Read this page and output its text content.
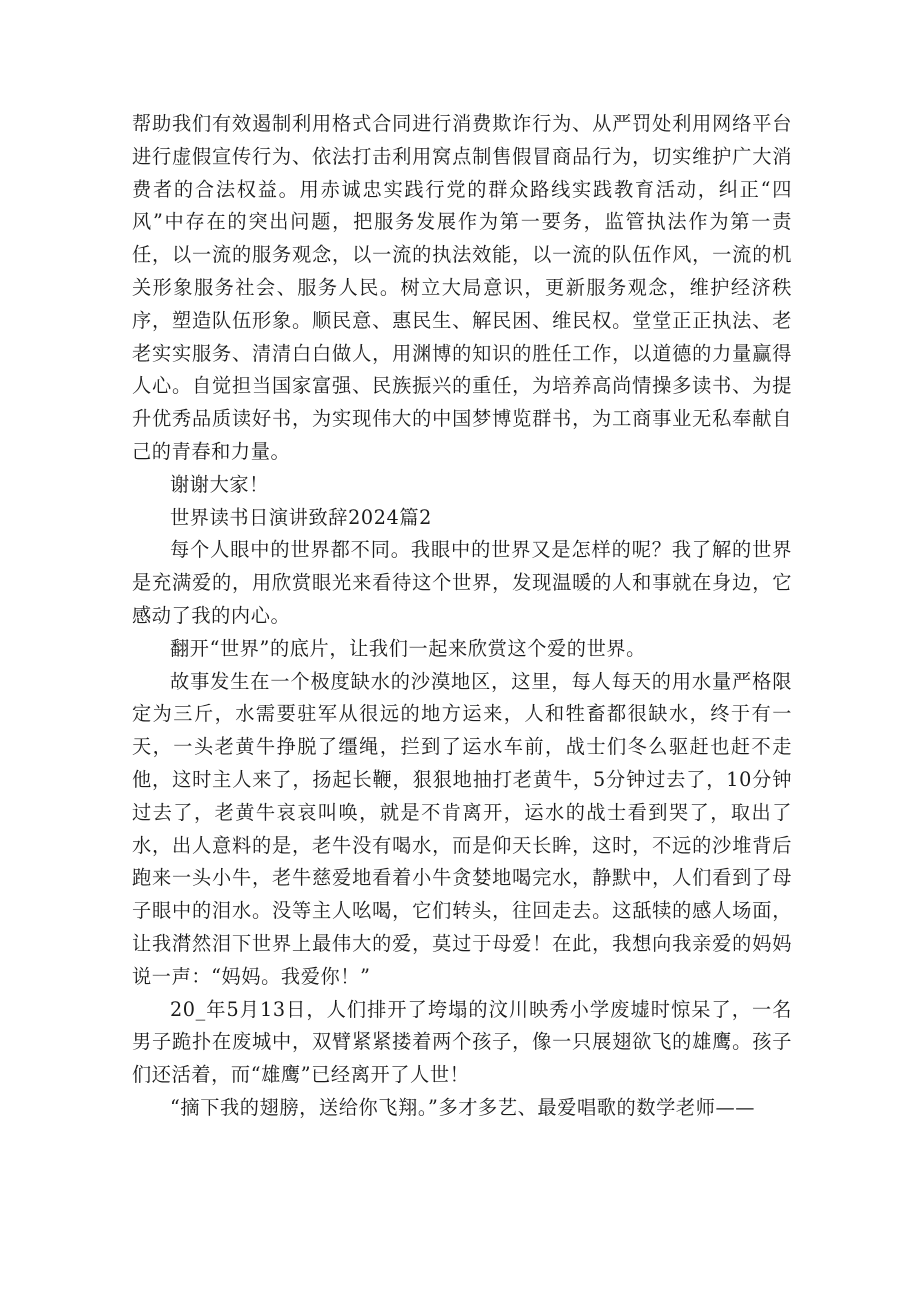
帮助我们有效遏制利用格式合同进行消费欺诈行为、从严罚处利用网络平台进行虚假宣传行为、依法打击利用窝点制售假冒商品行为，切实维护广大消费者的合法权益。用赤诚忠实践行党的群众路线实践教育活动，纠正“四风”中存在的突出问题，把服务发展作为第一要务，监管执法作为第一责任，以一流的服务观念，以一流的执法效能，以一流的队伍作风，一流的机关形象服务社会、服务人民。树立大局意识，更新服务观念，维护经济秩序，塑造队伍形象。顺民意、惠民生、解民困、维民权。堂堂正正执法、老老实实服务、清清白白做人，用渊博的知识的胜任工作，以道德的力量赢得人心。自觉担当国家富强、民族振兴的重任，为培养高尚情操多读书、为提升优秀品质读好书，为实现伟大的中国梦博览群书，为工商事业无私奉献自己的青春和力量。

谢谢大家！

世界读书日演讲致辞2024篇2

每个人眼中的世界都不同。我眼中的世界又是怎样的呢？我了解的世界是充满爱的，用欣赏眼光来看待这个世界，发现温暖的人和事就在身边，它感动了我的内心。

翻开“世界”的底片，让我们一起来欣赏这个爱的世界。

故事发生在一个极度缺水的沙漠地区，这里，每人每天的用水量严格限定为三斤，水需要驻军从很远的地方运来，人和牲畜都很缺水，终于有一天，一头老黄牛挣脱了缰绳，拦到了运水车前，战士们冬么驱赶也赶不走他，这时主人来了，扬起长鞭，狠狠地抽打老黄牛，5分钟过去了，10分钟过去了，老黄牛哀哀叫唤，就是不肯离开，运水的战士看到哭了，取出了水，出人意料的是，老牛没有喝水，而是仰天长眸，这时，不远的沙堆背后跑来一头小牛，老牛慈爱地看着小牛贪婪地喝完水，静默中，人们看到了母子眼中的泪水。没等主人吆喝，它们转头，往回走去。这舐犊的感人场面，让我潸然泪下世界上最伟大的爱，莫过于母爱！在此，我想向我亲爱的妈妈说一声：“妈妈。我爱你！”

20_年5月13日，人们排开了垮塌的汶川映秀小学废墟时惊呆了，一名男子跪扑在废城中，双臂紧紧搂着两个孩子，像一只展翅欲飞的雄鹰。孩子们还活着，而“雄鹰”已经离开了人世！

“摘下我的翅膀，送给你飞翔。”多才多艺、最爱唱歌的数学老师——
